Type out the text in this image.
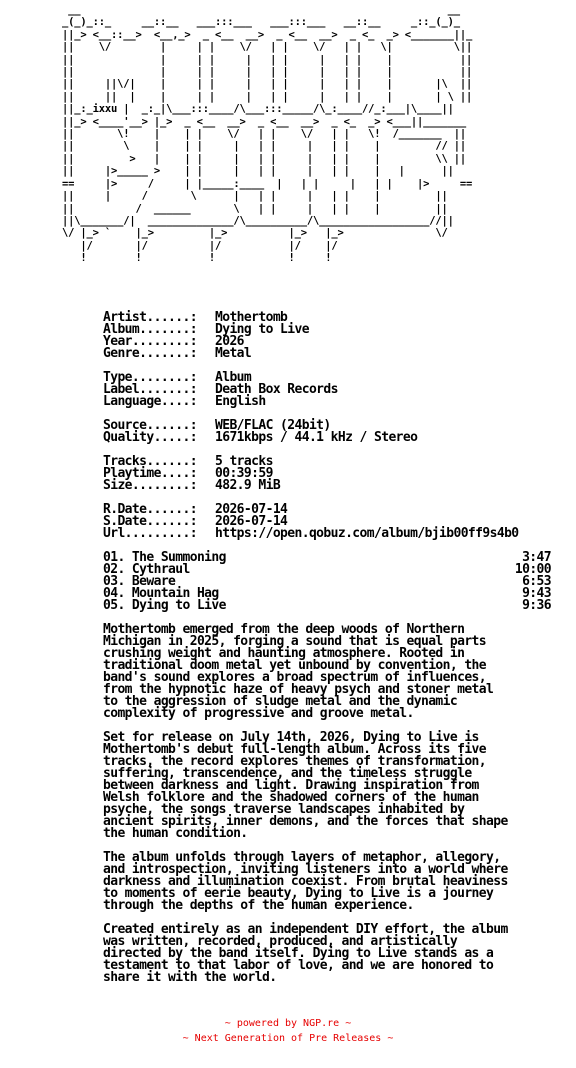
__                                                            __
_(_)_::_     __::__   ___:::___   ___:::___   __::__     _::_(_)_
||_> <__::__>  <__,_>  _ <__  __>  _ <__  __>  _ <_  _> <_______||_
||    \/        |     | |    \/   | |    \/   | |   \|          \||
||              |     | |     |   | |     |   | |    |           ||
||              |     | |     |   | |     |   | |    |           ||
||     ||\/|    |     | |     |   | |     |   | |    |       |\  ||
||     ||  |    |     | |     |   | |     |   | |    |       | \ ||
||_:_ixxu |  _:_|\___:::____/\___:::_____/\_:____//_:___|\____||
||_> <____'__> |_>  _ <__  __>  _ <__  __>  _ <_  _> <___||_______
||       \!    |    | |    \/   | |    \/   | |   \!  /_______  ||
||        \    |    | |     |   | |     |   | |    |         // ||
||         >   |    | |     |   | |     |   | |    |         \\ ||
||     |>_____ >    | |     |   | |     |   | |    |   |      ||
==     |>     /     | |_____:____  |   | |     |   | |    |>     ==
||     |     /       \      |   | |     |   | |    |         ||
||          /  ______       \   | |     |   | |    |         ||
||\_______/|  ______________/\__________/\__________________//||
\/ |_> `    |_>         |_>          |_>   |_>               \/
|/       |/          |/           |/    |/
!        !           !            !     !
Artist......: Mothertomb
Album.......: Dying to Live
Year........: 2026
Genre.......: Metal

Type........: Album
Label.......: Death Box Records
Language....: English

Source......: WEB/FLAC (24bit)
Quality.....: 1671kbps / 44.1 kHz / Stereo

Tracks......: 5 tracks
Playtime....: 00:39:59
Size........: 482.9 MiB

R.Date......: 2026-07-14
S.Date......: 2026-07-14
Url.........: https://open.qobuz.com/album/bjib00ff9s4b0
01. The Summoning	3:47
02. Cythraul	10:00
03. Beware	6:53
04. Mountain Hag	9:43
05. Dying to Live	9:36
Mothertomb emerged from the deep woods of Northern
Michigan in 2025, forging a sound that is equal parts
crushing weight and haunting atmosphere. Rooted in
traditional doom metal yet unbound by convention, the
band's sound explores a broad spectrum of influences,
from the hypnotic haze of heavy psych and stoner metal
to the aggression of sludge metal and the dynamic
complexity of progressive and groove metal.
Set for release on July 14th, 2026, Dying to Live is
Mothertomb's debut full-length album. Across its five
tracks, the record explores themes of transformation,
suffering, transcendence, and the timeless struggle
between darkness and light. Drawing inspiration from
Welsh folklore and the shadowed corners of the human
psyche, the songs traverse landscapes inhabited by
ancient spirits, inner demons, and the forces that shape
the human condition.
The album unfolds through layers of metaphor, allegory,
and introspection, inviting listeners into a world where
darkness and illumination coexist. From brutal heaviness
to moments of eerie beauty, Dying to Live is a journey
through the depths of the human experience.
Created entirely as an independent DIY effort, the album
was written, recorded, produced, and artistically
directed by the band itself. Dying to Live stands as a
testament to that labor of love, and we are honored to
share it with the world.
~ powered by NGP.re ~
~ Next Generation of Pre Releases ~
